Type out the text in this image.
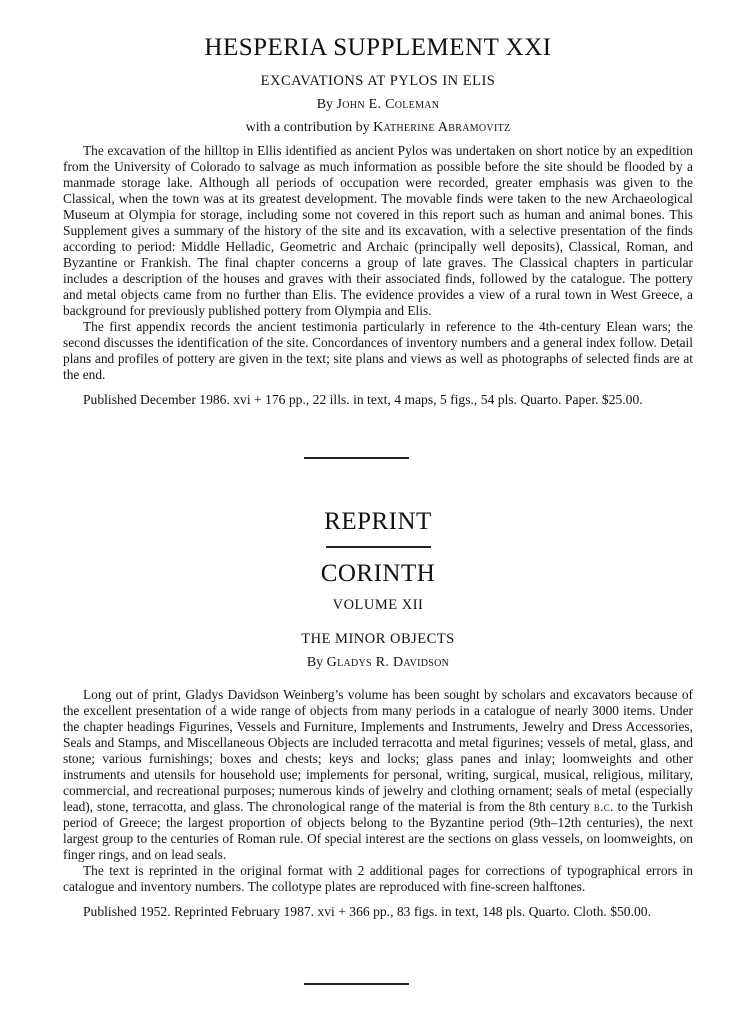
HESPERIA SUPPLEMENT XXI

EXCAVATIONS AT PYLOS IN ELIS

By John E. Coleman

with a contribution by Katherine Abramovitz

The excavation of the hilltop in Ellis identified as ancient Pylos was undertaken on short notice by an expedition from the University of Colorado to salvage as much information as possible before the site should be flooded by a manmade storage lake. Although all periods of occupation were recorded, greater emphasis was given to the Classical, when the town was at its greatest development. The movable finds were taken to the new Archaeological Museum at Olympia for storage, including some not covered in this report such as human and animal bones. This Supplement gives a summary of the history of the site and its excavation, with a selective presentation of the finds according to period: Middle Helladic, Geometric and Archaic (principally well deposits), Classical, Roman, and Byzantine or Frankish. The final chapter concerns a group of late graves. The Classical chapters in particular includes a description of the houses and graves with their associated finds, followed by the catalogue. The pottery and metal objects came from no further than Elis. The evidence provides a view of a rural town in West Greece, a background for previously published pottery from Olympia and Elis.

The first appendix records the ancient testimonia particularly in reference to the 4th-century Elean wars; the second discusses the identification of the site. Concordances of inventory numbers and a general index follow. Detail plans and profiles of pottery are given in the text; site plans and views as well as photographs of selected finds are at the end.

Published December 1986. xvi + 176 pp., 22 ills. in text, 4 maps, 5 figs., 54 pls. Quarto. Paper. $25.00.

REPRINT

CORINTH

VOLUME XII

THE MINOR OBJECTS

By Gladys R. Davidson

Long out of print, Gladys Davidson Weinberg’s volume has been sought by scholars and excavators because of the excellent presentation of a wide range of objects from many periods in a catalogue of nearly 3000 items. Under the chapter headings Figurines, Vessels and Furniture, Implements and Instruments, Jewelry and Dress Accessories, Seals and Stamps, and Miscellaneous Objects are included terracotta and metal figurines; vessels of metal, glass, and stone; various furnishings; boxes and chests; keys and locks; glass panes and inlay; loomweights and other instruments and utensils for household use; implements for personal, writing, surgical, musical, religious, military, commercial, and recreational purposes; numerous kinds of jewelry and clothing ornament; seals of metal (especially lead), stone, terracotta, and glass. The chronological range of the material is from the 8th century b.c. to the Turkish period of Greece; the largest proportion of objects belong to the Byzantine period (9th–12th centuries), the next largest group to the centuries of Roman rule. Of special interest are the sections on glass vessels, on loomweights, on finger rings, and on lead seals.

The text is reprinted in the original format with 2 additional pages for corrections of typographical errors in catalogue and inventory numbers. The collotype plates are reproduced with fine-screen halftones.

Published 1952. Reprinted February 1987. xvi + 366 pp., 83 figs. in text, 148 pls. Quarto. Cloth. $50.00.
